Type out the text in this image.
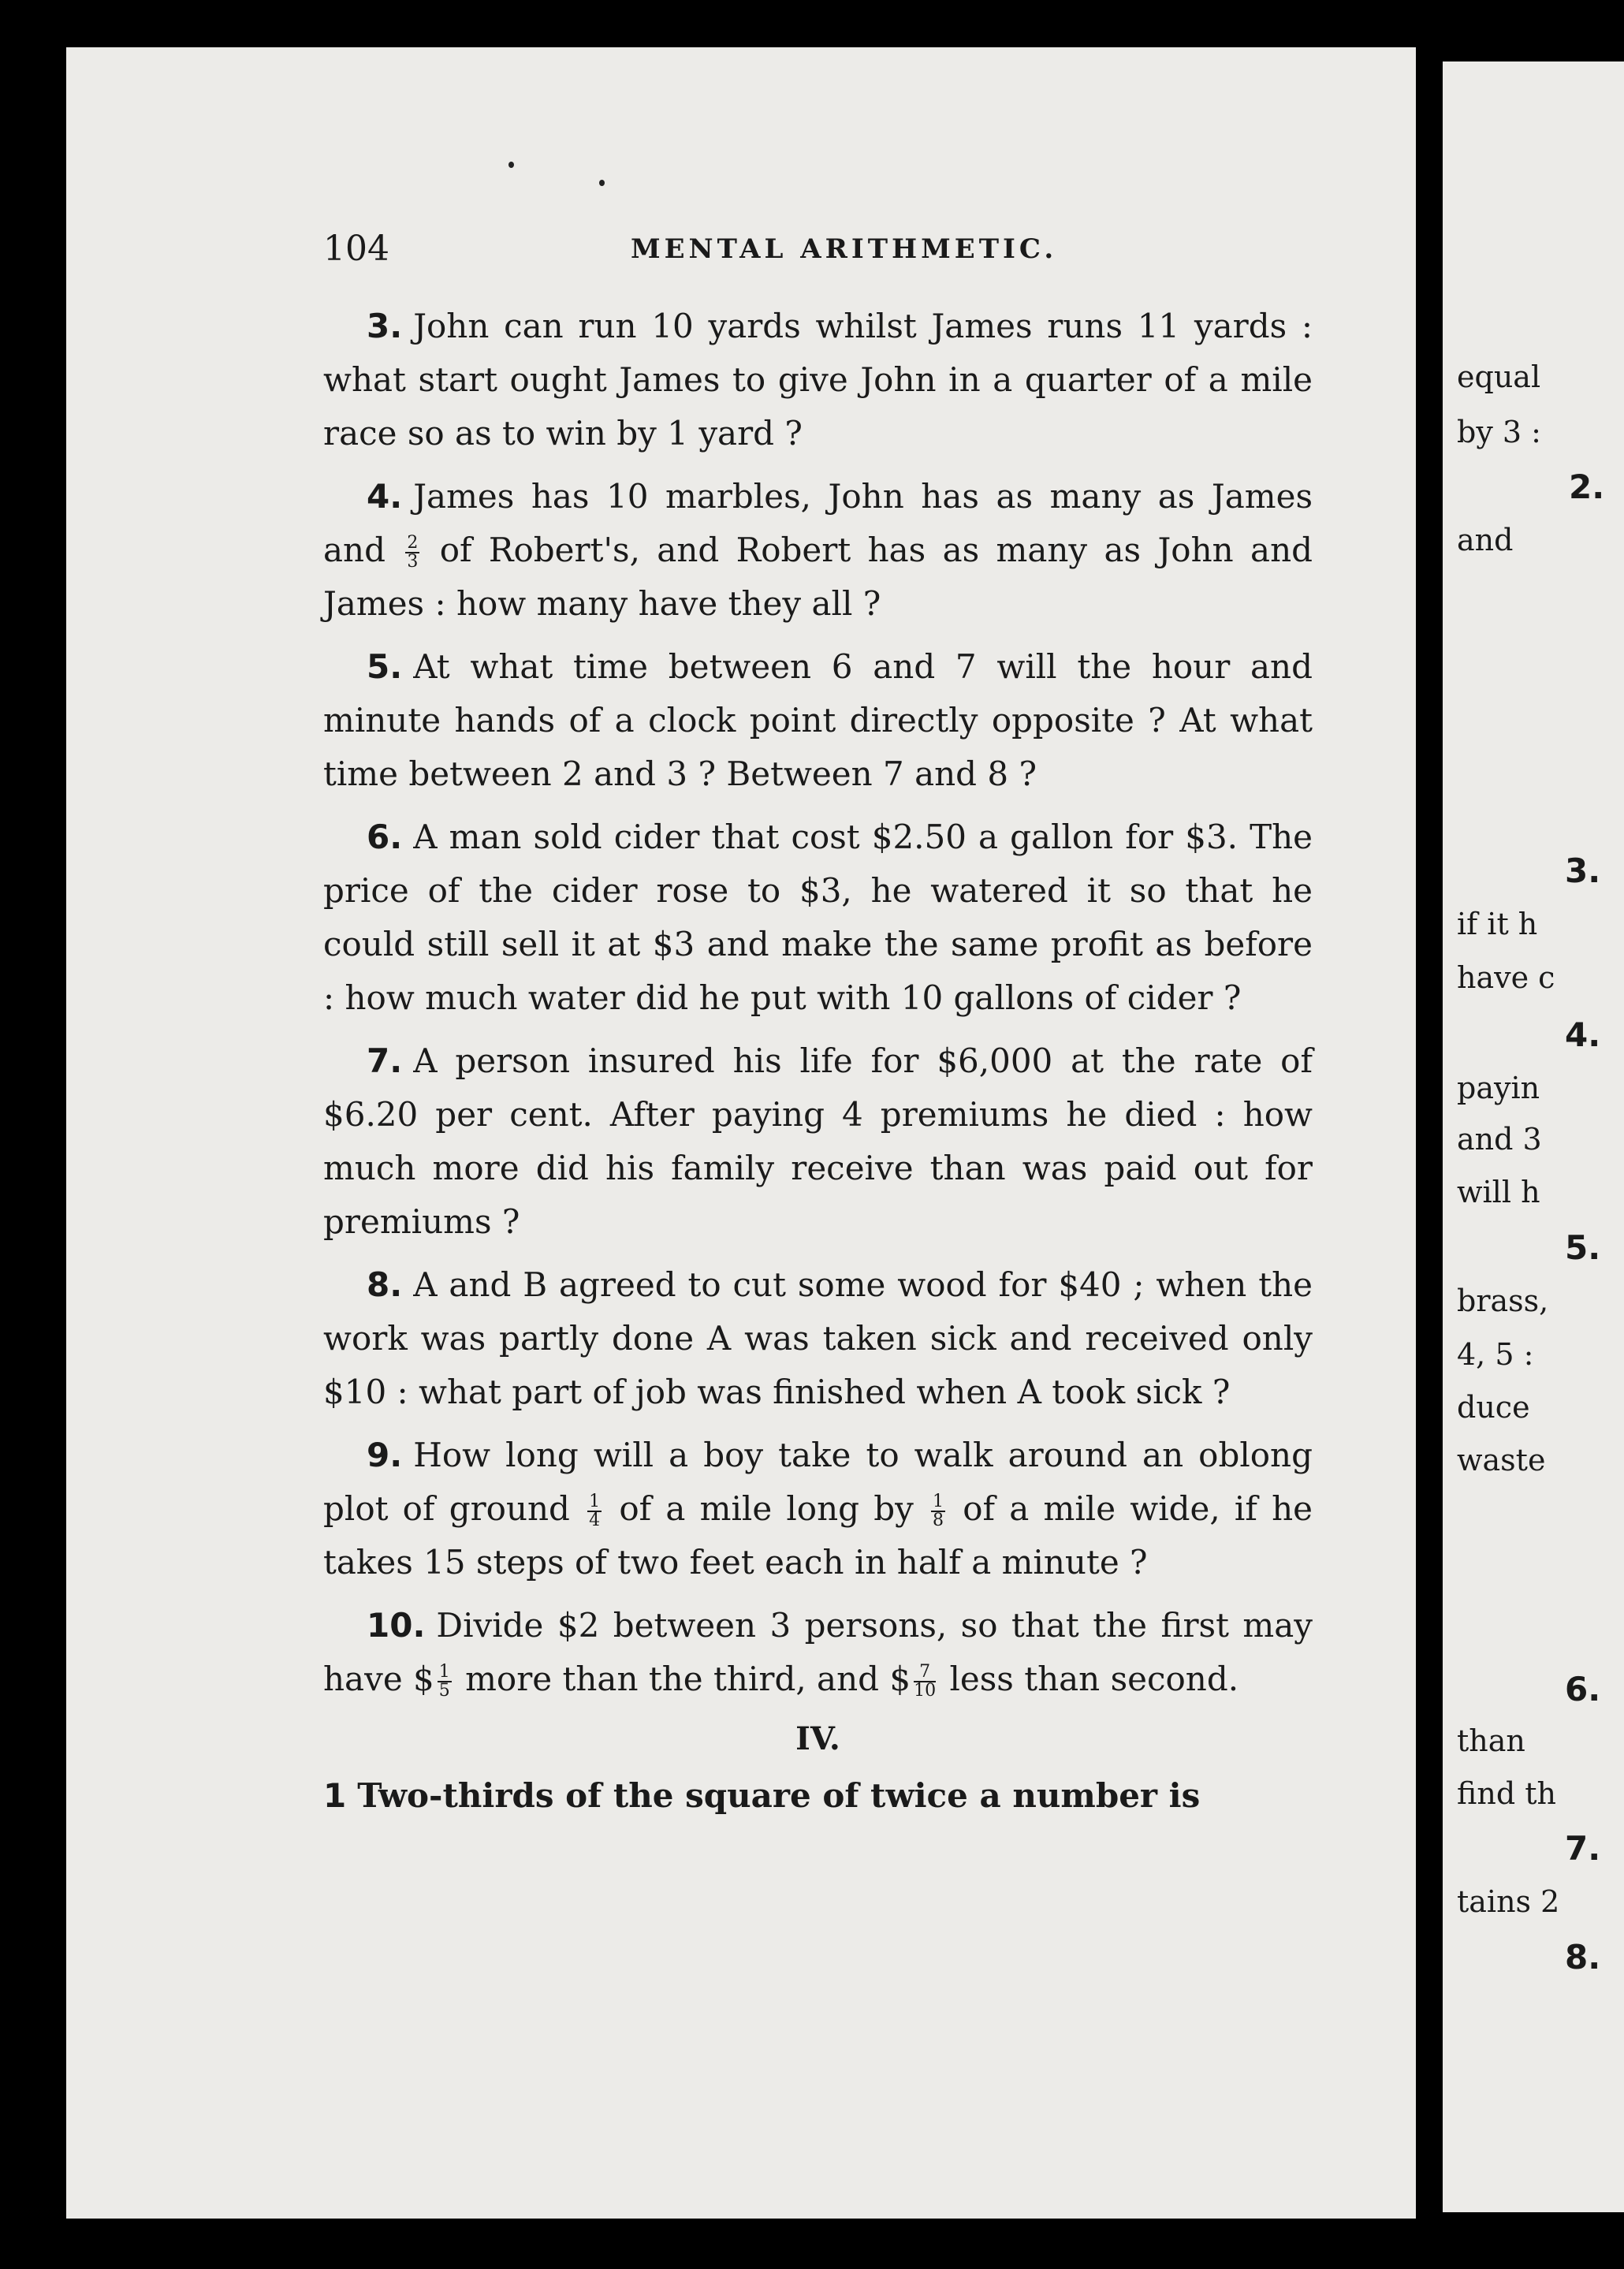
104	MENTAL ARITHMETIC.

3. John can run 10 yards whilst James runs 11 yards : what start ought James to give John in a quarter of a mile race so as to win by 1 yard ?

4. James has 10 marbles, John has as many as James and $\frac{2}{3}$ of Robert's, and Robert has as many as John and James : how many have they all ?

5. At what time between 6 and 7 will the hour and minute hands of a clock point directly opposite ? At what time between 2 and 3 ? Between 7 and 8 ?

6. A man sold cider that cost $2.50 a gallon for $3. The price of the cider rose to $3, he watered it so that he could still sell it at $3 and make the same profit as before : how much water did he put with 10 gallons of cider ?

7. A person insured his life for $6,000 at the rate of $6.20 per cent. After paying 4 premiums he died : how much more did his family receive than was paid out for premiums ?

8. A and B agreed to cut some wood for $40 ; when the work was partly done A was taken sick and received only $10 : what part of job was finished when A took sick ?

9. How long will a boy take to walk around an oblong plot of ground $\frac{1}{4}$ of a mile long by $\frac{1}{8}$ of a mile wide, if he takes 15 steps of two feet each in half a minute ?

10. Divide $2 between 3 persons, so that the first may have $ $\frac{1}{5}$ more than the third, and $ $\frac{7}{10}$ less than second.

IV.

1 Two-thirds of the square of twice a number is

equal
by 3 :
2.
and
3.
if it h
have c
4.
payin
and 3
will h
5.
brass,
4, 5 :
duce
waste
6.
than
find th
7.
tains 2
8.
